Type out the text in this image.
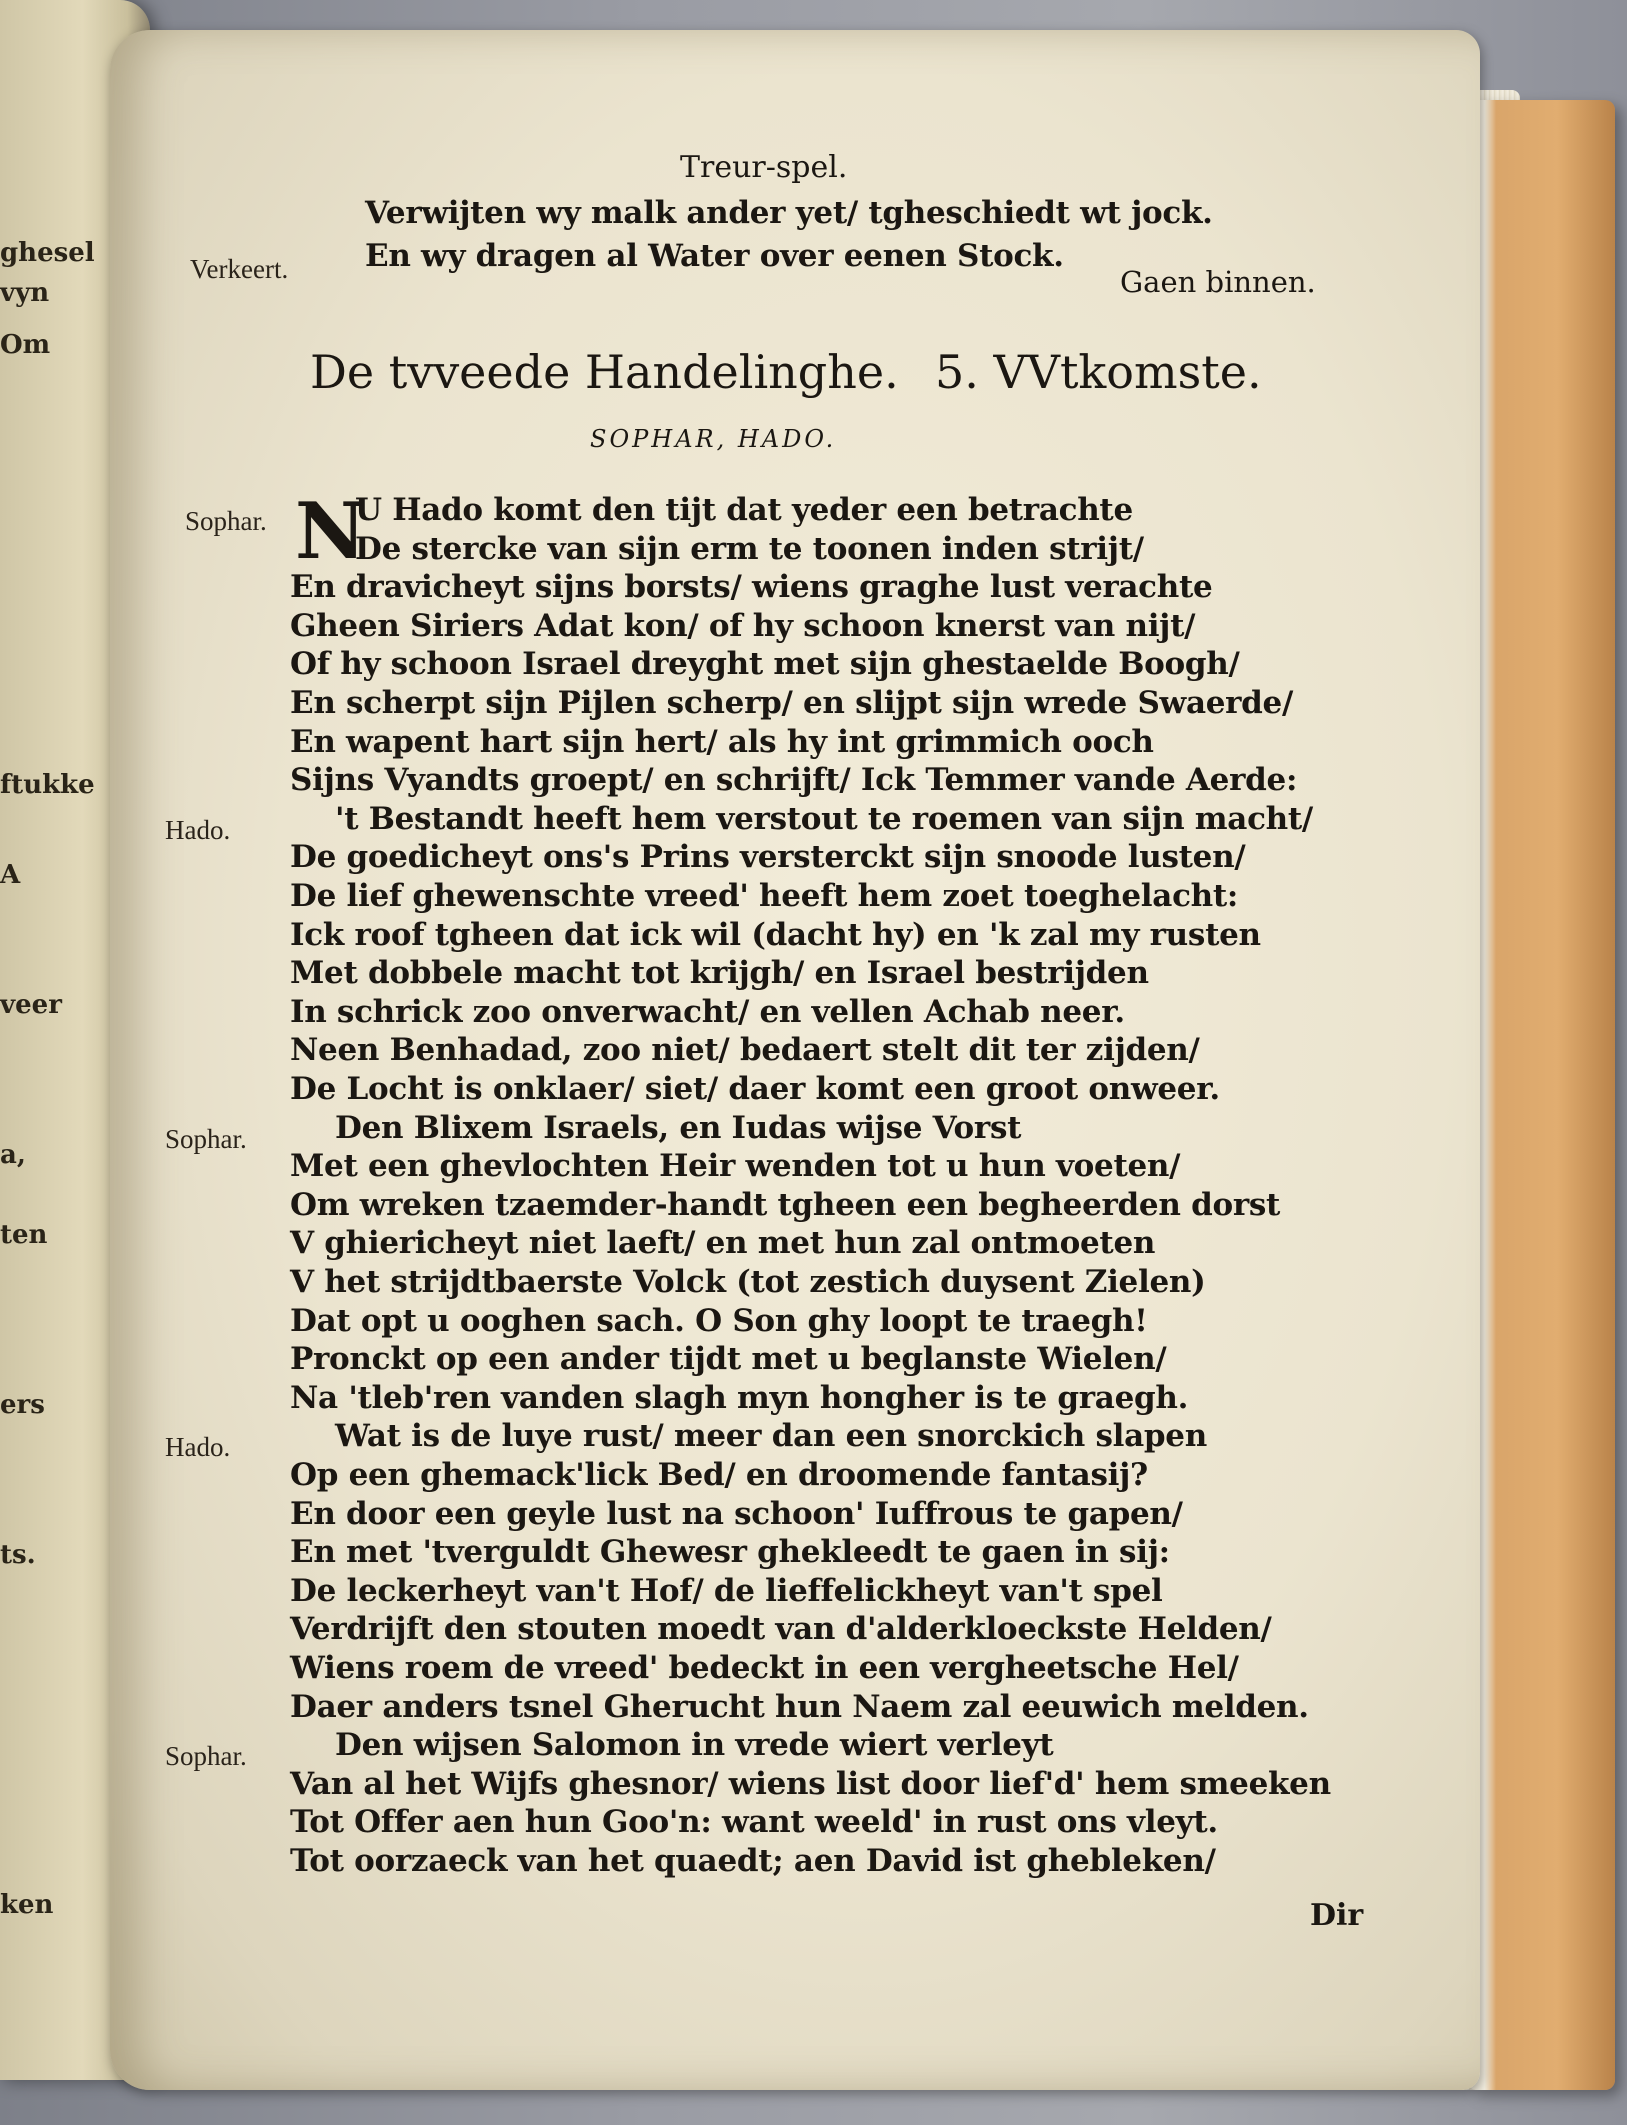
ghesel
vyn
Om
ftukke
A
veer
a,
ten
ers
ts.
ken
Treur-spel.
Verwijten wy malk ander yet/ tgheschiedt wt jock.
Verkeert. En wy dragen al Water over eenen Stock.
Gaen binnen.
De tvveede Handelinghe. 5. VVtkomste.
SOPHAR, HADO.
N
Sophar.	U Hado komt den tijt dat yeder een betrachte
De stercke van sijn erm te toonen inden strijt/
En dravicheyt sijns borsts/ wiens graghe lust verachte
Gheen Siriers Adat kon/ of hy schoon knerst van nijt/
Of hy schoon Israel dreyght met sijn ghestaelde Boogh/
En scherpt sijn Pijlen scherp/ en slijpt sijn wrede Swaerde/
En wapent hart sijn hert/ als hy int grimmich ooch
Sijns Vyandts groept/ en schrijft/ Ick Temmer vande Aerde:
Hado.	't Bestandt heeft hem verstout te roemen van sijn macht/
De goedicheyt ons's Prins versterckt sijn snoode lusten/
De lief ghewenschte vreed' heeft hem zoet toeghelacht:
Ick roof tgheen dat ick wil (dacht hy) en 'k zal my rusten
Met dobbele macht tot krijgh/ en Israel bestrijden
In schrick zoo onverwacht/ en vellen Achab neer.
Neen Benhadad, zoo niet/ bedaert stelt dit ter zijden/
De Locht is onklaer/ siet/ daer komt een groot onweer.
Sophar.	Den Blixem Israels, en Iudas wijse Vorst
Met een ghevlochten Heir wenden tot u hun voeten/
Om wreken tzaemder-handt tgheen een begheerden dorst
V ghiericheyt niet laeft/ en met hun zal ontmoeten
V het strijdtbaerste Volck (tot zestich duysent Zielen)
Dat opt u ooghen sach. O Son ghy loopt te traegh!
Pronckt op een ander tijdt met u beglanste Wielen/
Na 'tleb'ren vanden slagh myn hongher is te graegh.
Hado.	Wat is de luye rust/ meer dan een snorckich slapen
Op een ghemack'lick Bed/ en droomende fantasij?
En door een geyle lust na schoon' Iuffrous te gapen/
En met 'tverguldt Ghewesr ghekleedt te gaen in sij:
De leckerheyt van't Hof/ de lieffelickheyt van't spel
Verdrijft den stouten moedt van d'alderkloeckste Helden/
Wiens roem de vreed' bedeckt in een vergheetsche Hel/
Daer anders tsnel Gherucht hun Naem zal eeuwich melden.
Sophar.	Den wijsen Salomon in vrede wiert verleyt
Van al het Wijfs ghesnor/ wiens list door lief'd' hem smeeken
Tot Offer aen hun Goo'n: want weeld' in rust ons vleyt.
Tot oorzaeck van het quaedt; aen David ist ghebleken/
Dir
